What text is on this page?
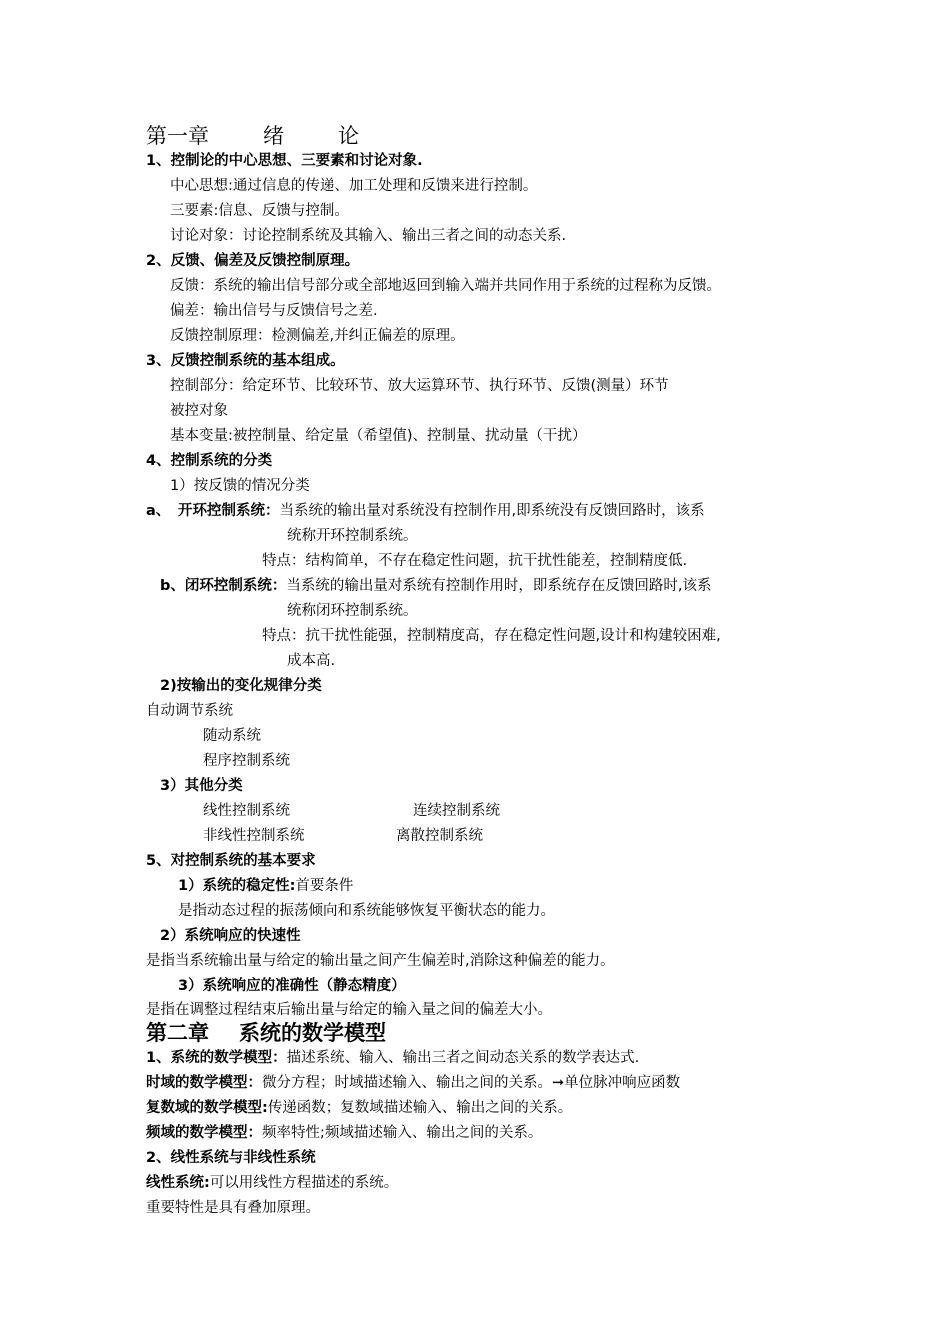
第一章	绪	论
1、控制论的中心思想、三要素和讨论对象.
中心思想:通过信息的传递、加工处理和反馈来进行控制。
三要素:信息、反馈与控制。
讨论对象：讨论控制系统及其输入、输出三者之间的动态关系.
2、反馈、偏差及反馈控制原理。
反馈：系统的输出信号部分或全部地返回到输入端并共同作用于系统的过程称为反馈。
偏差：输出信号与反馈信号之差.
反馈控制原理：检测偏差,并纠正偏差的原理。
3、反馈控制系统的基本组成。
控制部分：给定环节、比较环节、放大运算环节、执行环节、反馈(测量）环节
被控对象
基本变量:被控制量、给定量（希望值)、控制量、扰动量（干扰）
4、控制系统的分类
1）按反馈的情况分类
a、 开环控制系统：当系统的输出量对系统没有控制作用,即系统没有反馈回路时，该系
统称开环控制系统。
特点：结构简单，不存在稳定性问题，抗干扰性能差，控制精度低.
b、闭环控制系统：当系统的输出量对系统有控制作用时，即系统存在反馈回路时,该系
统称闭环控制系统。
特点：抗干扰性能强，控制精度高，存在稳定性问题,设计和构建较困难,
成本高.
2)按输出的变化规律分类
自动调节系统
随动系统
程序控制系统
3）其他分类
线性控制系统	连续控制系统
非线性控制系统	离散控制系统
5、对控制系统的基本要求
1）系统的稳定性:首要条件
是指动态过程的振荡倾向和系统能够恢复平衡状态的能力。
2）系统响应的快速性
是指当系统输出量与给定的输出量之间产生偏差时,消除这种偏差的能力。
3）系统响应的准确性（静态精度）
是指在调整过程结束后输出量与给定的输入量之间的偏差大小。
第二章 系统的数学模型
1、系统的数学模型：描述系统、输入、输出三者之间动态关系的数学表达式.
时域的数学模型：微分方程；时域描述输入、输出之间的关系。➞单位脉冲响应函数
复数域的数学模型:传递函数；复数域描述输入、输出之间的关系。
频域的数学模型：频率特性;频域描述输入、输出之间的关系。
2、线性系统与非线性系统
线性系统:可以用线性方程描述的系统。
重要特性是具有叠加原理。
